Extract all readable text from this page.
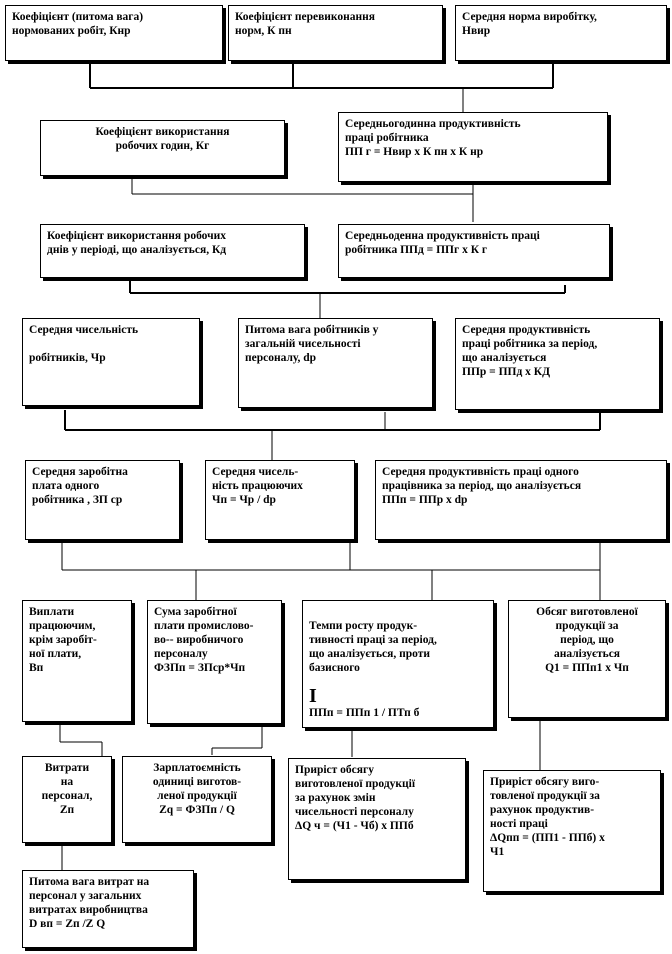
Коефіцієнт (питома вага)
нормованих робіт, Кнр
Коефіцієнт перевиконання
норм, К пн
Середня норма виробітку,
Нвир
Коефіцієнт використання
робочих годин, Кг
Середньогодинна продуктивність
праці робітника
ПП г = Нвир х К пн х К нр
Коефіцієнт використання робочих
днів у періоді, що аналізується, Кд
Середньоденна продуктивність праці
робітника ППд = ППг х К г
Середня чисельність

робітників, Чр
Питома вага робітників у
загальній чисельності
персоналу, dр
Середня продуктивність
праці робітника за період,
що аналізується
ППр = ППд х КД
Середня заробітна
плата одного
робітника , ЗП ср
Середня чисель-
ність працюючих
Чп = Чр / dр
Середня продуктивність праці одного
працівника за період, що аналізується
ППп = ППр х dр
Виплати
працюючим,
крім заробіт-
ної плати,
Вп
Сума заробітної
плати промислово-
во-- виробничого
персоналу
ФЗПп = ЗПср*Чп

Темпи росту продук-
тивності праці за період,
що аналізується, проти
базисного

І
ППп = ППп 1 / ПТп б

Обсяг виготовленої
продукції за
період, що
аналізується
Q1 = ППп1 х Чп
Витрати
на
персонал,
Zп
Зарплатоємність
одиниці виготов-
леної продукції
Zq = ФЗПп / Q
Приріст обсягу
виготовленої продукції
за рахунок змін
чисельності персоналу
ΔQ ч = (Ч1 - Чб) х ППб
Приріст обсягу виго-
товленої продукції за
рахунок продуктив-
ності праці
ΔQпп = (ПП1 - ППб) х
Ч1
Питома вага витрат на
персонал у загальних
витратах виробництва
D вп = Zп /Z Q
